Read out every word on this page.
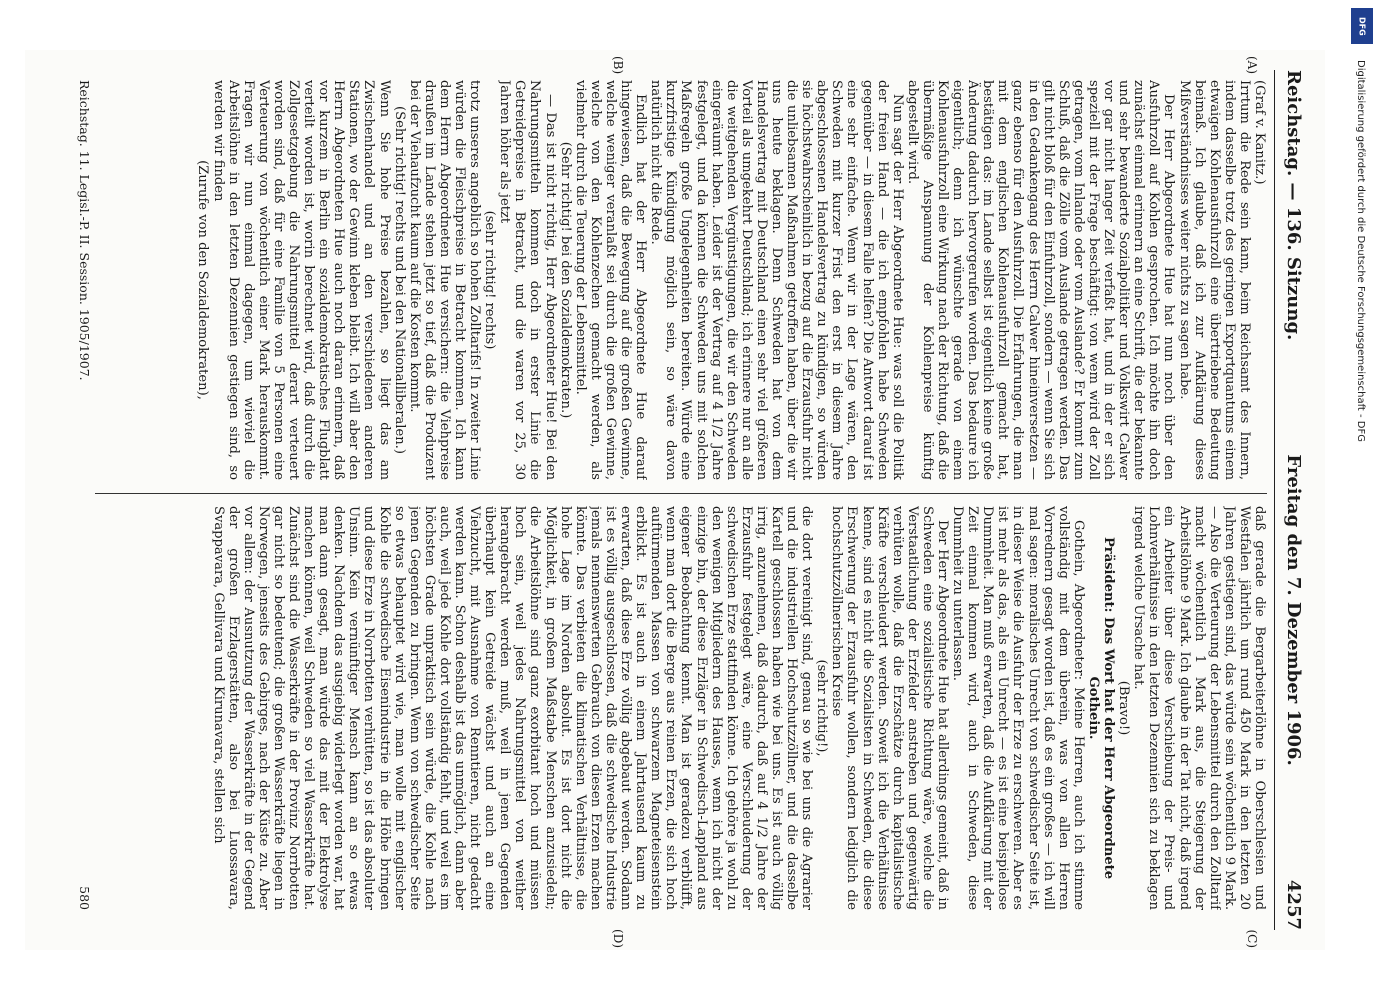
Reichstag. — 136. Sitzung.
Freitag den 7. Dezember 1906.
4257
(A)
(B)
(C)
(D)

(Graf v. Kanitz.)

Irrtum die Rede sein kann, beim Reichsamt des Innern, indem dasselbe trotz des geringen Exportquantums einem etwaigen Kohlenausfuhrzoll eine übertriebene Bedeutung beimaß. Ich glaube, daß ich zur Aufklärung dieses Mißverständnisses weiter nichts zu sagen habe.

Der Herr Abgeordnete Hue hat nun noch über den Ausfuhrzoll auf Kohlen gesprochen. Ich möchte ihn doch zunächst einmal erinnern an eine Schrift, die der bekannte und sehr bewanderte Sozialpolitiker und Volkswirt Calwer vor gar nicht langer Zeit verfaßt hat, und in der er sich speziell mit der Frage beschäftigt: von wem wird der Zoll getragen, vom Inlande oder vom Auslande? Er kommt zum Schluß, daß die Zölle vom Auslande getragen werden. Das gilt nicht bloß für den Einfuhrzoll, sondern — wenn Sie sich in den Gedankengang des Herrn Calwer hineinversetzen — ganz ebenso für den Ausfuhrzoll. Die Erfahrungen, die man mit dem englischen Kohlenausfuhrzoll gemacht hat, bestätigen das: im Lande selbst ist eigentlich keine große Änderung dadurch hervorgerufen worden. Das bedaure ich eigentlich; denn ich wünschte gerade von einem Kohlenausfuhrzoll eine Wirkung nach der Richtung, daß die übermäßige Anspannung der Kohlenpreise künftig abgestellt wird.

Nun sagt der Herr Abgeordnete Hue: was soll die Politik der freien Hand — die ich empfohlen habe Schweden gegenüber — in diesem Falle helfen? Die Antwort darauf ist eine sehr einfache. Wenn wir in der Lage wären, den Schweden mit kurzer Frist den erst in diesem Jahre abgeschlossenen Handelsvertrag zu kündigen, so würden sie höchstwahrscheinlich in bezug auf die Erzausfuhr nicht die unliebsamen Maßnahmen getroffen haben, über die wir uns heute beklagen. Denn Schweden hat von dem Handelsvertrag mit Deutschland einen sehr viel größeren Vorteil als umgekehrt Deutschland; ich erinnere nur an alle die weitgehenden Vergünstigungen, die wir den Schweden eingeräumt haben. Leider ist der Vertrag auf 4 1/2 Jahre festgelegt, und da können die Schweden uns mit solchen Maßregeln große Ungelegenheiten bereiten. Würde eine kurzfristige Kündigung möglich sein, so wäre davon natürlich nicht die Rede.

Endlich hat der Herr Abgeordnete Hue darauf hingewiesen, daß die Bewegung auf die großen Gewinne, welche weniger veranlaßt sei durch die großen Gewinne, welche von den Kohlenzechen gemacht werden, als vielmehr durch die Teuerung der Lebensmittel.

(Sehr richtig! bei den Sozialdemokraten.)

— Das ist nicht richtig, Herr Abgeordneter Hue! Bei den Nahrungsmitteln kommen doch in erster Linie die Getreidepreise in Betracht, und die waren vor 25, 30 Jahren höher als jetzt

(sehr richtig! rechts)

trotz unseres angeblich so hohen Zolltarifs! In zweiter Linie würden die Fleischpreise in Betracht kommen. Ich kann dem Herrn Abgeordneten Hue versichern: die Viehpreise draußen im Lande stehen jetzt so tief, daß die Produzent bei der Viehaufzucht kaum auf die Kosten kommt.

(Sehr richtig! rechts und bei den Nationalliberalen.)

Wenn Sie hohe Preise bezahlen, so liegt das am Zwischenhandel und an den verschiedenen anderen Stationen, wo der Gewinn kleben bleibt. Ich will aber den Herrn Abgeordneten Hue auch noch daran erinnern, daß vor kurzem in Berlin ein sozialdemokratisches Flugblatt verteilt worden ist, worin berechnet wird, daß durch die Zollgesetzgebung die Nahrungsmittel derart verteuert worden sind, daß für eine Familie von 5 Personen eine Verteuerung von wöchentlich einer Mark herauskommt. Fragen wir nun einmal dagegen, um wieviel die Arbeitslöhne in den letzten Dezennien gestiegen sind, so werden wir finden

(Zurufe von den Sozialdemokraten),

daß gerade die Bergarbeiterlöhne in Oberschlesien und Westfalen jährlich um rund 450 Mark in den letzten 20 Jahren gestiegen sind, das würde sein wöchentlich 9 Mark. — Also die Verteurung der Lebensmittel durch den Zolltarif macht wöchentlich 1 Mark aus, die Steigerung der Arbeitslöhne 9 Mark. Ich glaube in der Tat nicht, daß irgend ein Arbeiter über diese Verschiebung der Preis- und Lohnverhältnisse in den letzten Dezennien sich zu beklagen irgend welche Ursache hat.

(Bravo!)

Präsident: Das Wort hat der Herr Abgeordnete Gothein.

Gothein, Abgeordneter: Meine Herren, auch ich stimme vollständig mit dem überein, was von allen Herren Vorrednern gesagt worden ist, daß es ein großes — ich will mal sagen: moralisches Unrecht von schwedischer Seite ist, in dieser Weise die Ausfuhr der Erze zu erschweren. Aber es ist mehr als das, als ein Unrecht — es ist eine beispiellose Dummheit. Man muß erwarten, daß die Aufklärung mit der Zeit einmal kommen wird, auch in Schweden, diese Dummheit zu unterlassen.

Der Herr Abgeordnete Hue hat allerdings gemeint, daß in Schweden eine sozialistische Richtung wäre, welche die Verstaatlichung der Erzfelder anstreben und gegenwärtig verhüten wolle, daß die Erzschätze durch kapitalistische Kräfte verschleudert werden. Soweit ich die Verhältnisse kenne, sind es nicht die Sozialisten in Schweden, die diese Erschwerung der Erzausfuhr wollen, sondern lediglich die hochschutzzöllnerischen Kreise

(sehr richtig!),

die dort vereinigt sind, genau so wie bei uns die Agrarier und die industriellen Hochschutzzöllner, und die dasselbe Kartell geschlossen haben wie bei uns. Es ist auch völlig irrig, anzunehmen, daß dadurch, daß auf 4 1/2 Jahre der Erzausfuhr festgelegt wäre, eine Verschleuderung der schwedischen Erze stattfinden könne. Ich gehöre ja wohl zu den wenigen Mitgliedern des Hauses, wenn ich nicht der einzige bin, der diese Erzläger in Schwedisch-Lappland aus eigener Beobachtung kennt. Man ist geradezu verblüfft, wenn man dort die Berge aus reinen Erzen, die sich hoch auftürmenden Massen von schwarzem Magneteisenstein erblickt. Es ist auch in einem Jahrtausend kaum zu erwarten, daß diese Erze völlig abgebaut werden. Sodann ist es völlig ausgeschlossen, daß die schwedische Industrie jemals nennenswerten Gebrauch von diesen Erzen machen könnte. Das verbieten die klimatischen Verhältnisse, die hohe Lage im Norden absolut. Es ist dort nicht die Möglichkeit, in großem Maßstabe Menschen anzusiedeln; die Arbeitslöhne sind ganz exorbitant hoch und müssen hoch sein, weil jedes Nahrungsmittel von weither herangebracht werden muß, weil in jenen Gegenden überhaupt kein Getreide wächst und auch an eine Viehzucht, mit Ausnahme von Renntieren, nicht gedacht werden kann. Schon deshalb ist das unmöglich, dann aber auch, weil jede Kohle dort vollständig fehlt, und weil es im höchsten Grade unpraktisch sein würde, die Kohle nach jenen Gegenden zu bringen. Wenn von schwedischer Seite so etwas behauptet wird wie, man wolle mit englischer Kohle die schwedische Eisenindustrie in die Höhe bringen und diese Erze in Norrbotten verhütten, so ist das absoluter Unsinn. Kein vernünftiger Mensch kann an so etwas denken. Nachdem das ausgiebig widerlegt worden war, hat man dann gesagt, man würde das mit der Elektrolyse machen können, weil Schweden so viel Wasserkräfte hat. Zunächst sind die Wasserkräfte in der Provinz Norrbotten gar nicht so bedeutend; die großen Wasserkräfte liegen in Norwegen, jenseits des Gebirges, nach der Küste zu. Aber vor allem: der Ausnutzung der Wasserkräfte in der Gegend der großen Erzlagerstätten, also bei Luossavara, Svappavara, Gellivara und Kirunavara, stellen sich

Reichstag. 11. Legisl.-P. II. Session. 1905/1907.
580
Digitalisierung gefördert durch die Deutsche Forschungsgemeinschaft - DFG
DFG
